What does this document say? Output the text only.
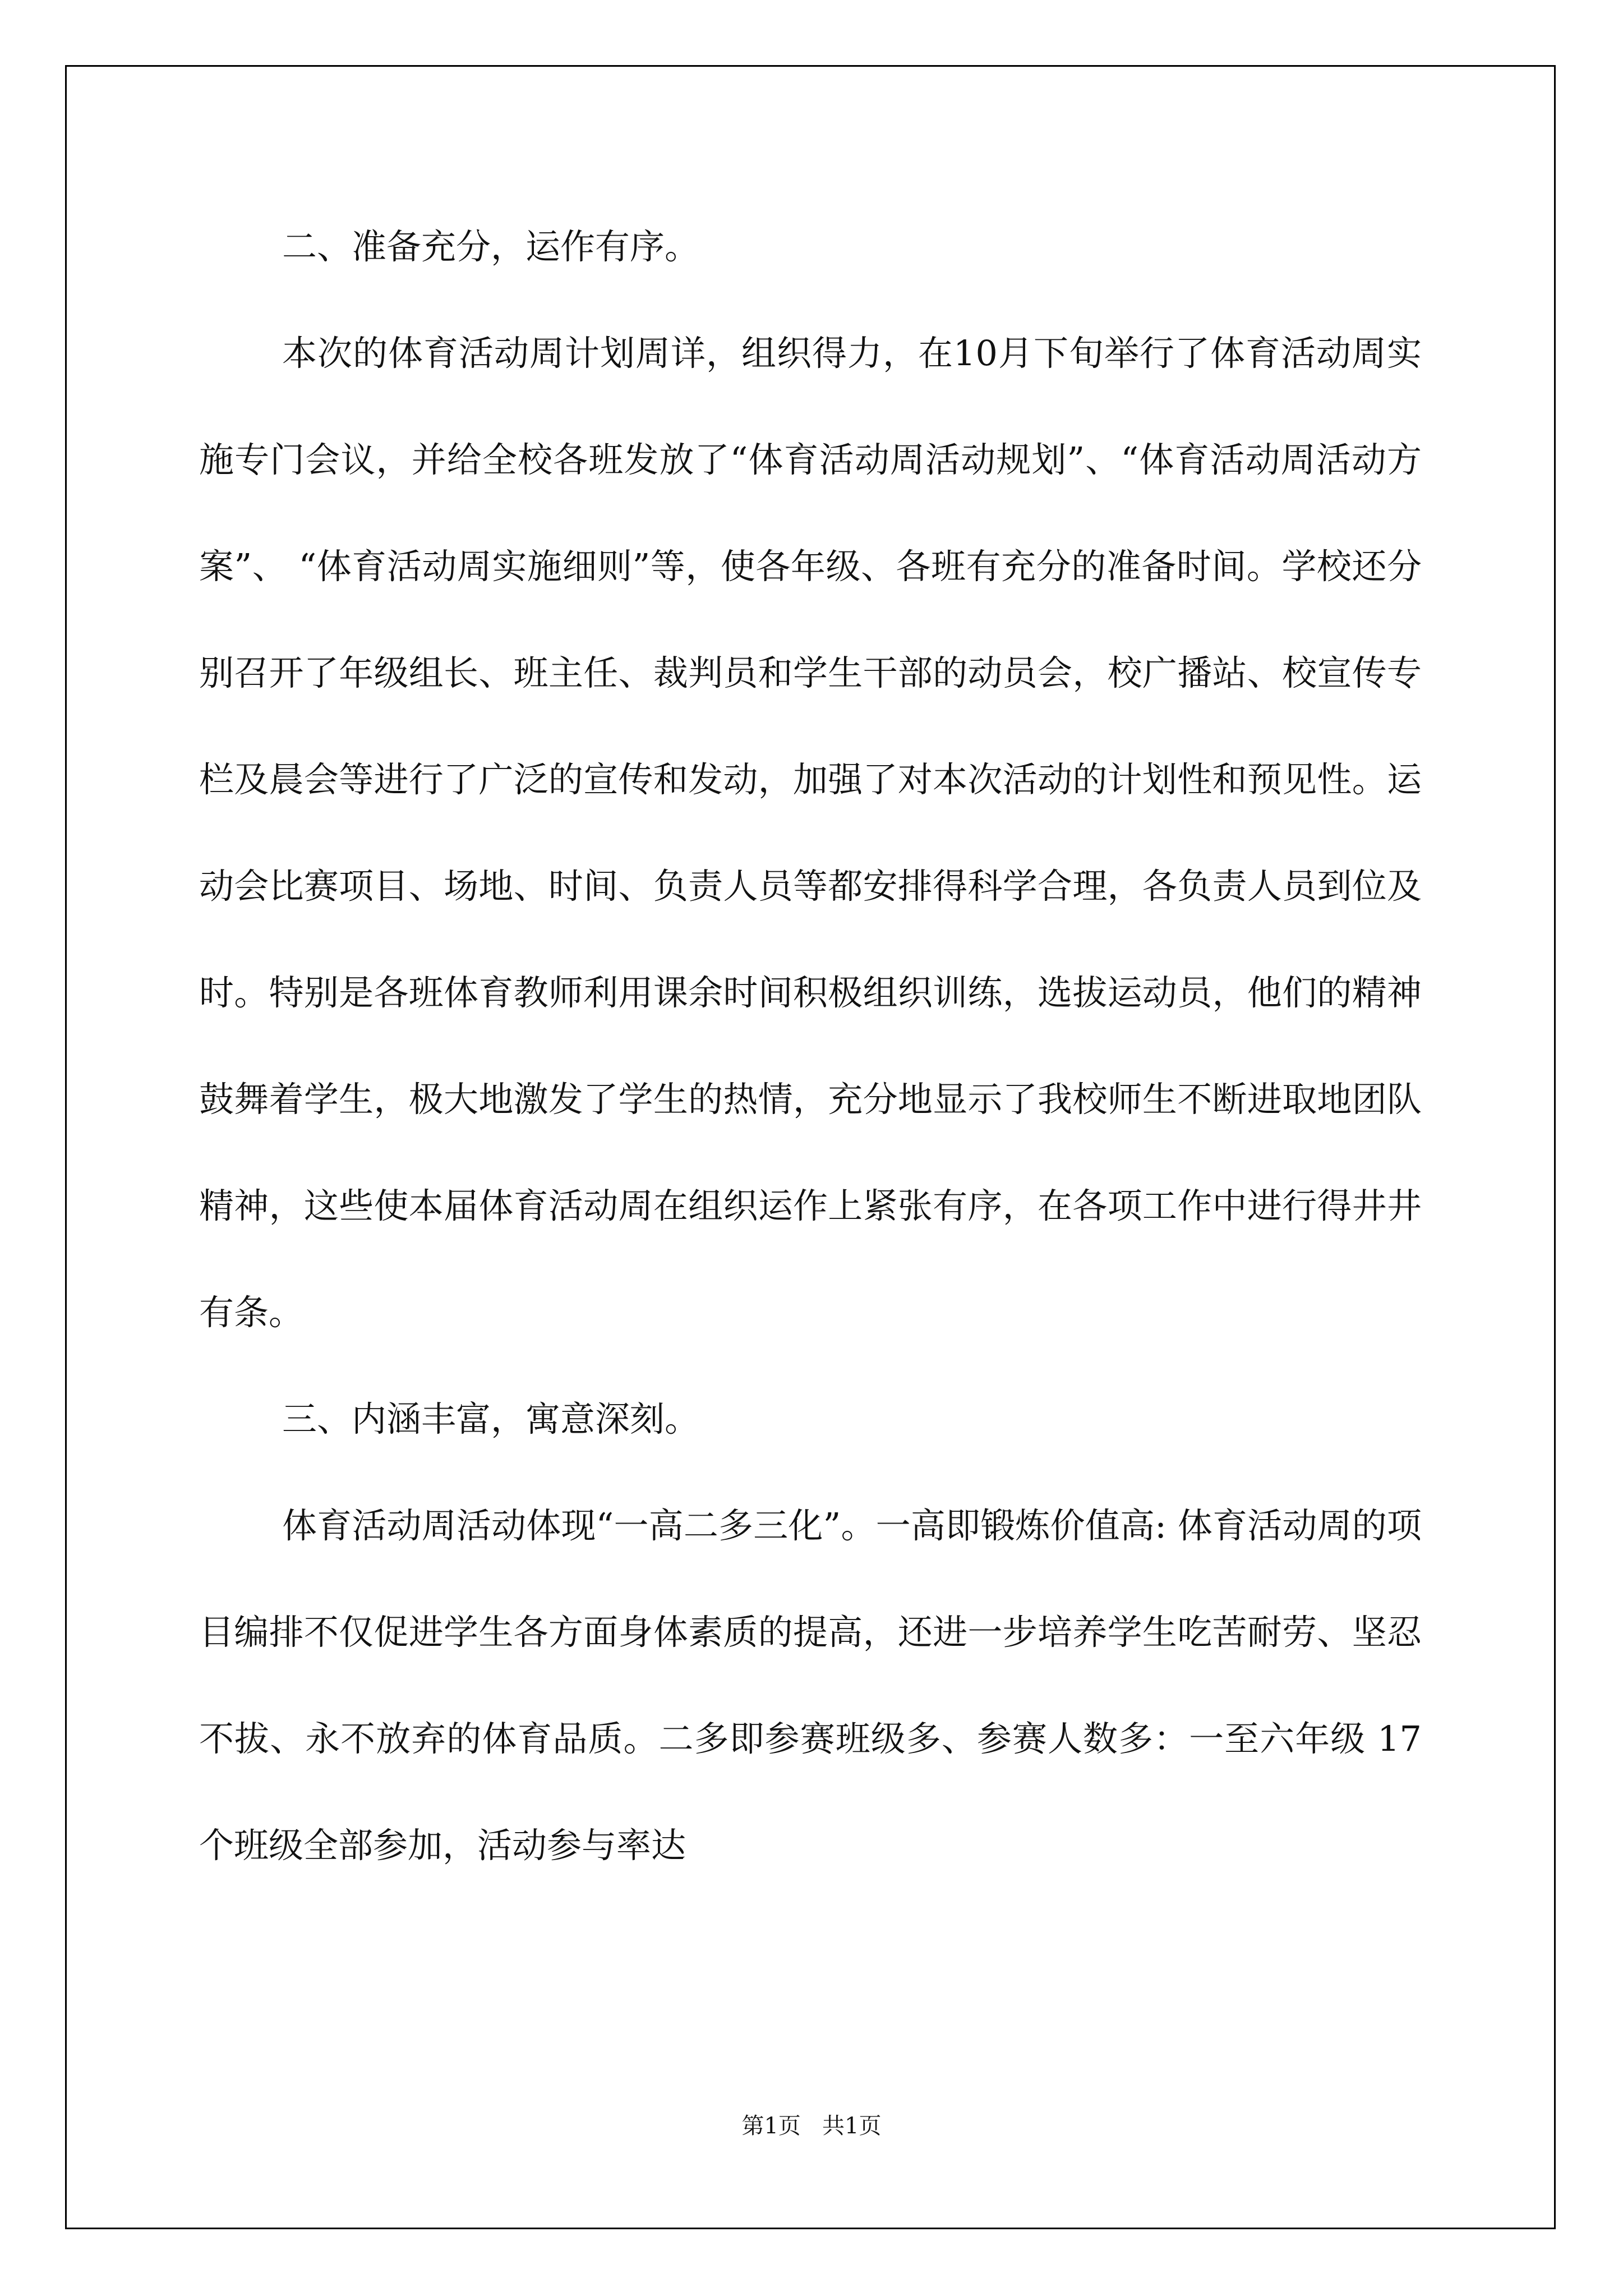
二、准备充分，运作有序。

本次的体育活动周计划周详，组织得力，在10月下旬举行了体育活动周实施专门会议，并给全校各班发放了“体育活动周活动规划”、“体育活动周活动方案”、 “体育活动周实施细则”等，使各年级、各班有充分的准备时间。学校还分别召开了年级组长、班主任、裁判员和学生干部的动员会，校广播站、校宣传专栏及晨会等进行了广泛的宣传和发动，加强了对本次活动的计划性和预见性。运动会比赛项目、场地、时间、负责人员等都安排得科学合理，各负责人员到位及时。特别是各班体育教师利用课余时间积极组织训练，选拔运动员，他们的精神鼓舞着学生，极大地激发了学生的热情，充分地显示了我校师生不断进取地团队精神，这些使本届体育活动周在组织运作上紧张有序，在各项工作中进行得井井有条。

三、内涵丰富，寓意深刻。

体育活动周活动体现“一高二多三化”。一高即锻炼价值高: 体育活动周的项目编排不仅促进学生各方面身体素质的提高，还进一步培养学生吃苦耐劳、坚忍不拔、永不放弃的体育品质。二多即参赛班级多、参赛人数多：一至六年级 17 个班级全部参加，活动参与率达

第1页   共1页
